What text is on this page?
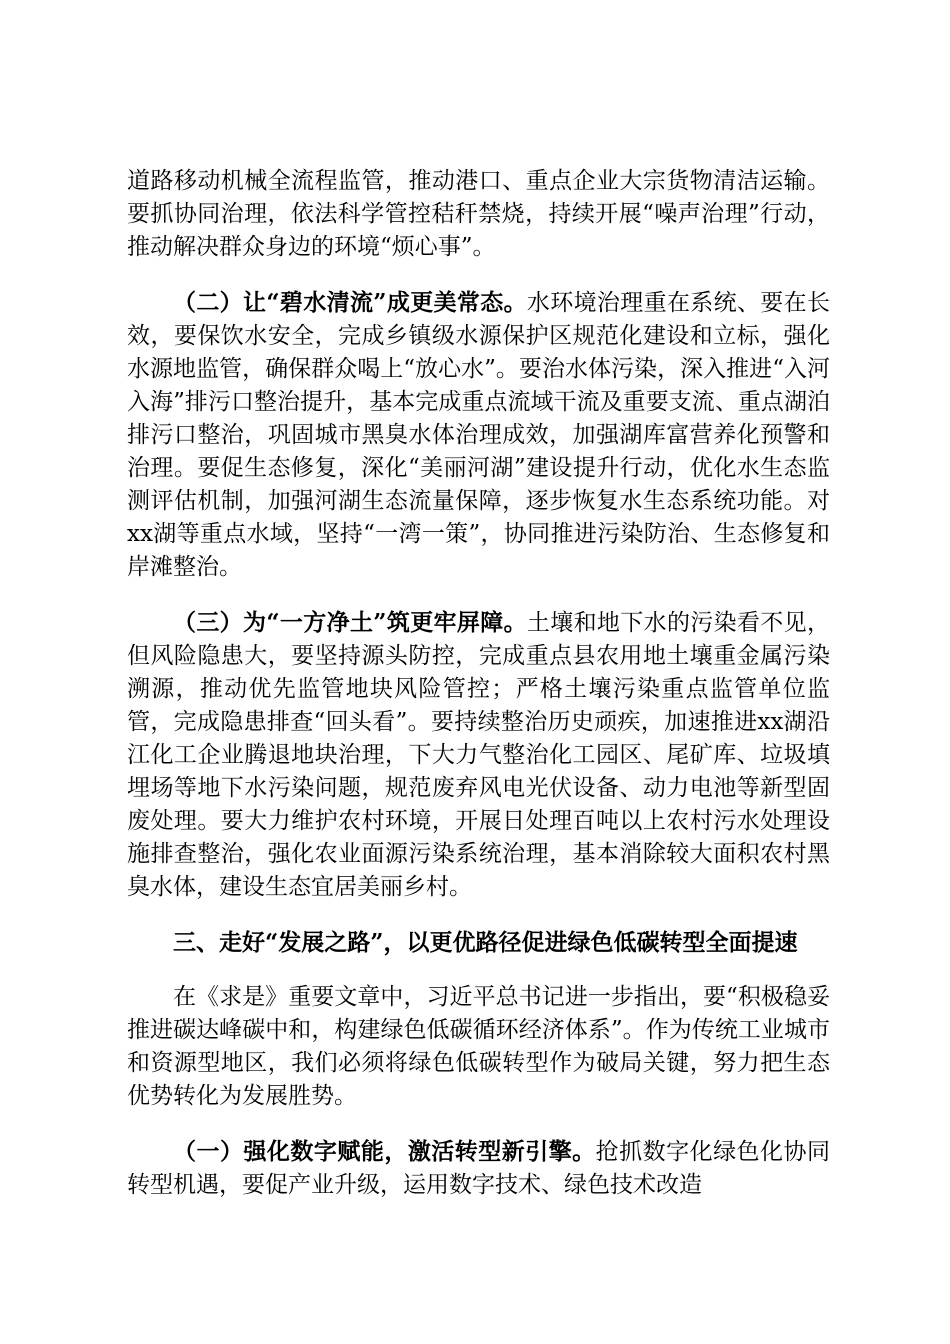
道路移动机械全流程监管，推动港口、重点企业大宗货物清洁运输。要抓协同治理，依法科学管控秸秆禁烧，持续开展“噪声治理”行动，推动解决群众身边的环境“烦心事”。

（二）让“碧水清流”成更美常态。水环境治理重在系统、要在长效，要保饮水安全，完成乡镇级水源保护区规范化建设和立标，强化水源地监管，确保群众喝上“放心水”。要治水体污染，深入推进“入河入海”排污口整治提升，基本完成重点流域干流及重要支流、重点湖泊排污口整治，巩固城市黑臭水体治理成效，加强湖库富营养化预警和治理。要促生态修复，深化“美丽河湖”建设提升行动，优化水生态监测评估机制，加强河湖生态流量保障，逐步恢复水生态系统功能。对xx湖等重点水域，坚持“一湾一策”，协同推进污染防治、生态修复和岸滩整治。

（三）为“一方净土”筑更牢屏障。土壤和地下水的污染看不见，但风险隐患大，要坚持源头防控，完成重点县农用地土壤重金属污染溯源，推动优先监管地块风险管控；严格土壤污染重点监管单位监管，完成隐患排查“回头看”。要持续整治历史顽疾，加速推进xx湖沿江化工企业腾退地块治理，下大力气整治化工园区、尾矿库、垃圾填埋场等地下水污染问题，规范废弃风电光伏设备、动力电池等新型固废处理。要大力维护农村环境，开展日处理百吨以上农村污水处理设施排查整治，强化农业面源污染系统治理，基本消除较大面积农村黑臭水体，建设生态宜居美丽乡村。

三、走好“发展之路”，以更优路径促进绿色低碳转型全面提速

在《求是》重要文章中，习近平总书记进一步指出，要“积极稳妥推进碳达峰碳中和，构建绿色低碳循环经济体系”。作为传统工业城市和资源型地区，我们必须将绿色低碳转型作为破局关键，努力把生态优势转化为发展胜势。

（一）强化数字赋能，激活转型新引擎。抢抓数字化绿色化协同转型机遇，要促产业升级，运用数字技术、绿色技术改造
